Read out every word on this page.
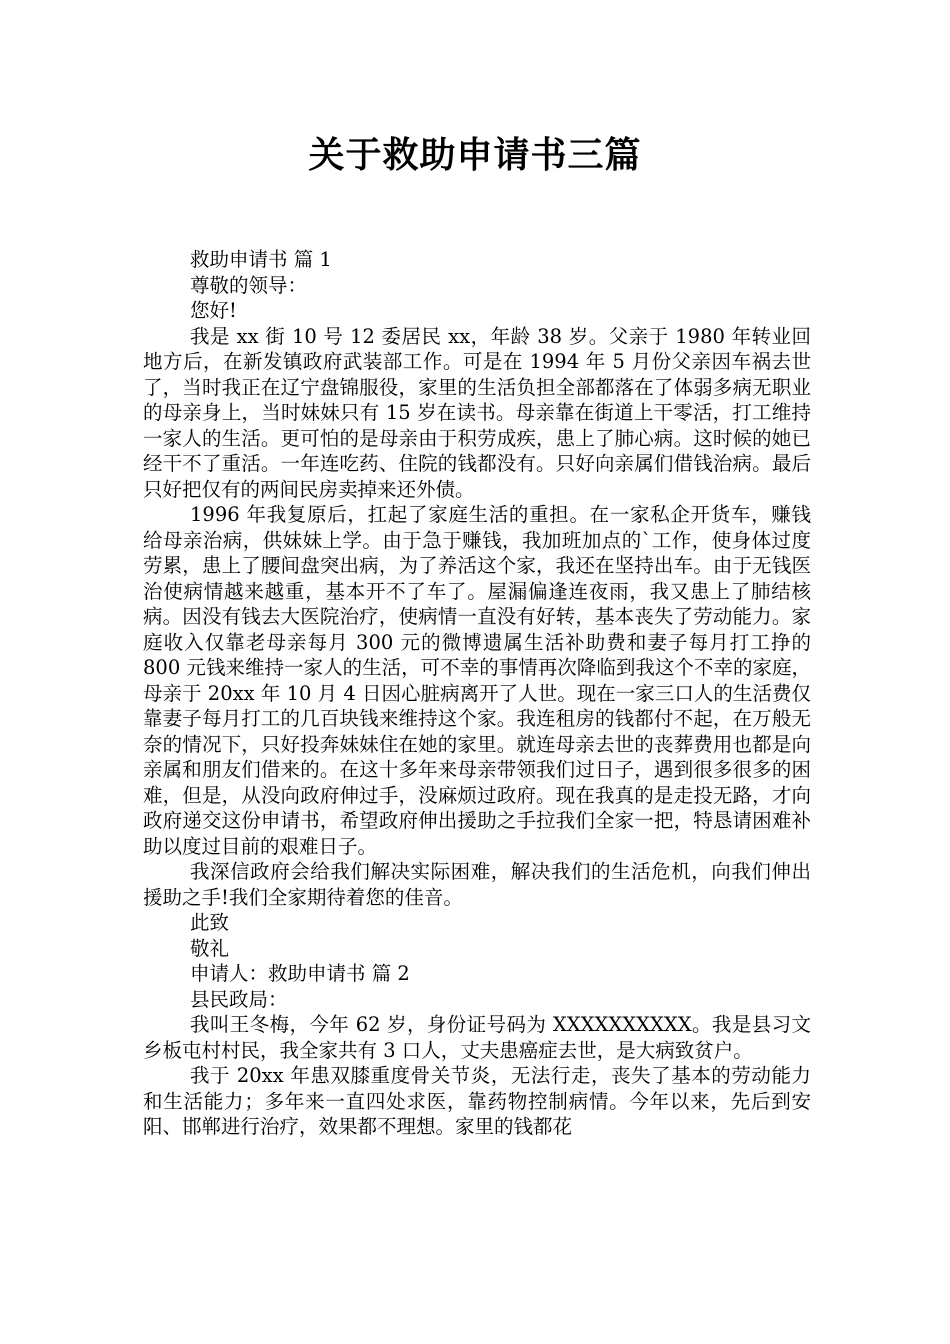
关于救助申请书三篇

救助申请书 篇 1

尊敬的领导：

您好!

我是 xx 街 10 号 12 委居民 xx，年龄 38 岁。父亲于 1980 年转业回地方后，在新发镇政府武装部工作。可是在 1994 年 5 月份父亲因车祸去世了，当时我正在辽宁盘锦服役，家里的生活负担全部都落在了体弱多病无职业的母亲身上，当时妹妹只有 15 岁在读书。母亲靠在街道上干零活，打工维持一家人的生活。更可怕的是母亲由于积劳成疾，患上了肺心病。这时候的她已经干不了重活。一年连吃药、住院的钱都没有。只好向亲属们借钱治病。最后只好把仅有的两间民房卖掉来还外债。

1996 年我复原后，扛起了家庭生活的重担。在一家私企开货车，赚钱给母亲治病，供妹妹上学。由于急于赚钱，我加班加点的`工作，使身体过度劳累，患上了腰间盘突出病，为了养活这个家，我还在坚持出车。由于无钱医治使病情越来越重，基本开不了车了。屋漏偏逢连夜雨，我又患上了肺结核病。因没有钱去大医院治疗，使病情一直没有好转，基本丧失了劳动能力。家庭收入仅靠老母亲每月 300 元的微博遗属生活补助费和妻子每月打工挣的 800 元钱来维持一家人的生活，可不幸的事情再次降临到我这个不幸的家庭，母亲于 20xx 年 10 月 4 日因心脏病离开了人世。现在一家三口人的生活费仅靠妻子每月打工的几百块钱来维持这个家。我连租房的钱都付不起，在万般无奈的情况下，只好投奔妹妹住在她的家里。就连母亲去世的丧葬费用也都是向亲属和朋友们借来的。在这十多年来母亲带领我们过日子，遇到很多很多的困难，但是，从没向政府伸过手，没麻烦过政府。现在我真的是走投无路，才向政府递交这份申请书，希望政府伸出援助之手拉我们全家一把，特恳请困难补助以度过目前的艰难日子。

我深信政府会给我们解决实际困难，解决我们的生活危机，向我们伸出援助之手!我们全家期待着您的佳音。

此致

敬礼

申请人：救助申请书 篇 2

县民政局：

我叫王冬梅，今年 62 岁，身份证号码为 XXXXXXXXXX。我是县习文乡板屯村村民，我全家共有 3 口人，丈夫患癌症去世，是大病致贫户。

我于 20xx 年患双膝重度骨关节炎，无法行走，丧失了基本的劳动能力和生活能力；多年来一直四处求医，靠药物控制病情。今年以来，先后到安阳、邯郸进行治疗，效果都不理想。家里的钱都花
